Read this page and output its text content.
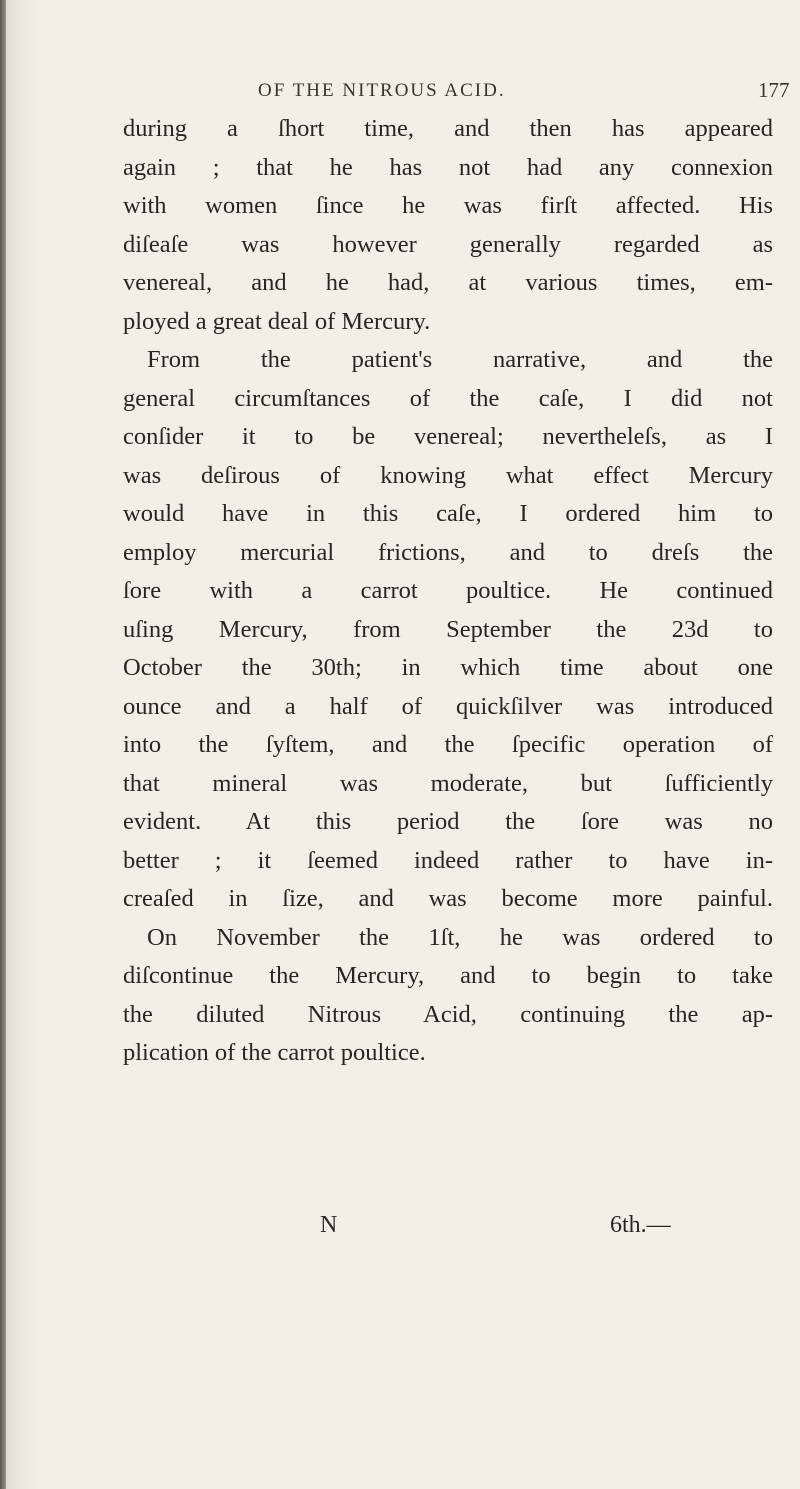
OF THE NITROUS ACID.	177
during a ſhort time, and then has appeared
again ; that he has not had any connexion
with women ſince he was firſt affected. His
diſeaſe was however generally regarded as
venereal, and he had, at various times, em-
ployed a great deal of Mercury.
From the patient's narrative, and the
general circumſtances of the caſe, I did not
conſider it to be venereal; nevertheleſs, as I
was deſirous of knowing what effect Mercury
would have in this caſe, I ordered him to
employ mercurial frictions, and to dreſs the
ſore with a carrot poultice. He continued
uſing Mercury, from September the 23d to
October the 30th; in which time about one
ounce and a half of quickſilver was introduced
into the ſyſtem, and the ſpecific operation of
that mineral was moderate, but ſufficiently
evident. At this period the ſore was no
better ; it ſeemed indeed rather to have in-
creaſed in ſize, and was become more painful.
On November the 1ſt, he was ordered to
diſcontinue the Mercury, and to begin to take
the diluted Nitrous Acid, continuing the ap-
plication of the carrot poultice.
N	6th.—
